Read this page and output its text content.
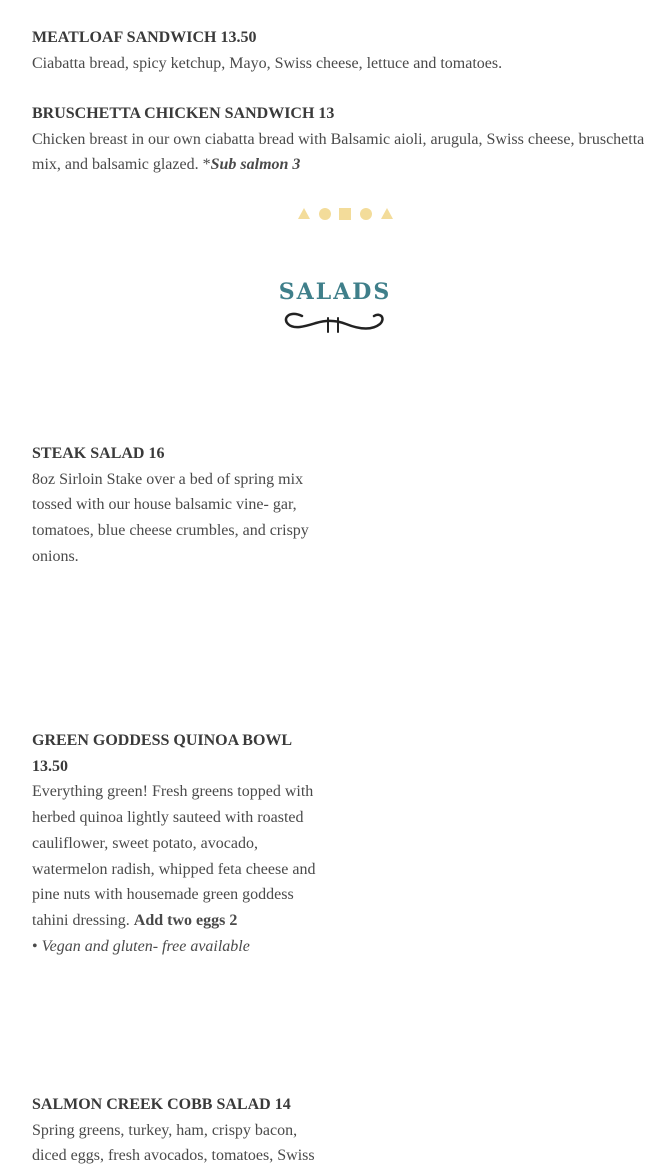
MEATLOAF SANDWICH 13.50
Ciabatta bread, spicy ketchup, Mayo, Swiss cheese, lettuce and tomatoes.
BRUSCHETTA CHICKEN SANDWICH 13
Chicken breast in our own ciabatta bread with Balsamic aioli, arugula, Swiss cheese, bruschetta mix, and balsamic glazed. *Sub salmon 3
SALADS
STEAK SALAD 16
8oz Sirloin Stake over a bed of spring mix tossed with our house balsamic vine- gar, tomatoes, blue cheese crumbles, and crispy onions.
GREEN GODDESS QUINOA BOWL 13.50
Everything green! Fresh greens topped with herbed quinoa lightly sauteed with roasted cauliflower, sweet potato, avocado, watermelon radish, whipped feta cheese and pine nuts with housemade green goddess tahini dressing. Add two eggs 2
• Vegan and gluten- free available
SALMON CREEK COBB SALAD 14
Spring greens, turkey, ham, crispy bacon, diced eggs, fresh avocados, tomatoes, Swiss
